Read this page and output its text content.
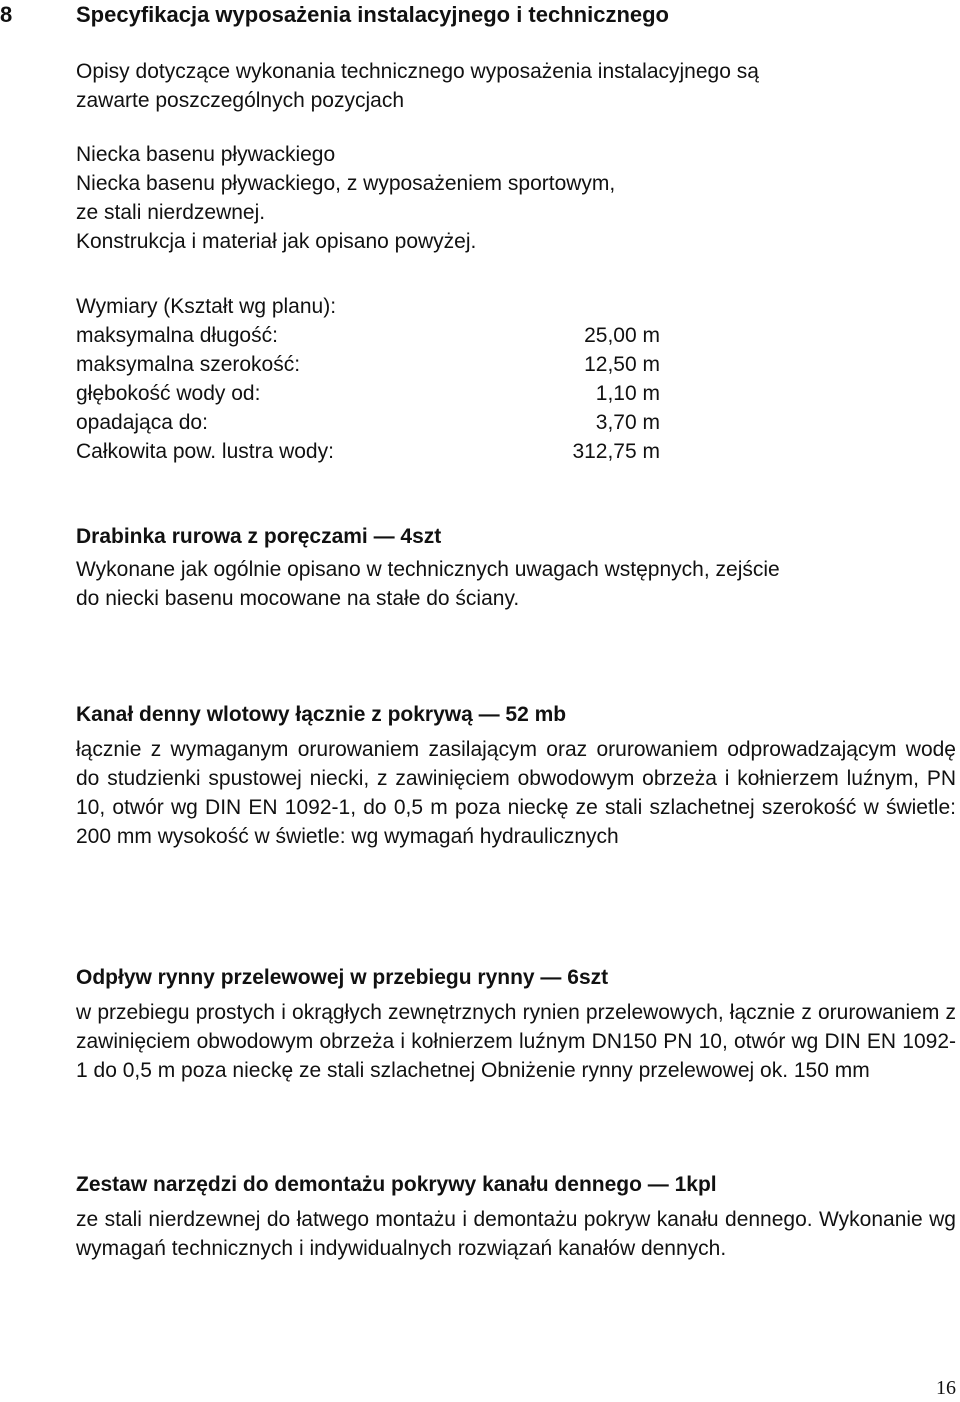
8	Specyfikacja wyposażenia instalacyjnego i technicznego
Opisy dotyczące wykonania technicznego wyposażenia instalacyjnego są
zawarte poszczególnych pozycjach
Niecka basenu pływackiego
Niecka basenu pływackiego, z wyposażeniem sportowym,
ze stali nierdzewnej.
Konstrukcja i materiał jak opisano powyżej.
Wymiary (Kształt wg planu):
maksymalna długość:	25,00 m
maksymalna szerokość:	12,50 m
głębokość wody od:	1,10 m
opadająca do:	3,70 m
Całkowita pow. lustra wody:	312,75 m
Drabinka rurowa z poręczami — 4szt
Wykonane jak ogólnie opisano w technicznych uwagach wstępnych, zejście
do niecki basenu mocowane na stałe do ściany.
Kanał denny wlotowy łącznie z pokrywą — 52 mb
łącznie z wymaganym orurowaniem zasilającym oraz orurowaniem odprowadzającym wodę do studzienki spustowej niecki, z zawinięciem obwodowym obrzeża i kołnierzem luźnym, PN 10, otwór wg DIN EN 1092-1, do 0,5 m poza nieckę ze stali szlachetnej szerokość w świetle: 200 mm wysokość w świetle: wg wymagań hydraulicznych
Odpływ rynny przelewowej w przebiegu rynny — 6szt
w przebiegu prostych i okrągłych zewnętrznych rynien przelewowych, łącznie z orurowaniem z zawinięciem obwodowym obrzeża i kołnierzem luźnym DN150 PN 10, otwór wg DIN EN 1092-1 do 0,5 m poza nieckę ze stali szlachetnej Obniżenie rynny przelewowej ok. 150 mm
Zestaw narzędzi do demontażu pokrywy kanału dennego — 1kpl
ze stali nierdzewnej do łatwego montażu i demontażu pokryw kanału dennego. Wykonanie wg wymagań technicznych i indywidualnych rozwiązań kanałów dennych.
16
